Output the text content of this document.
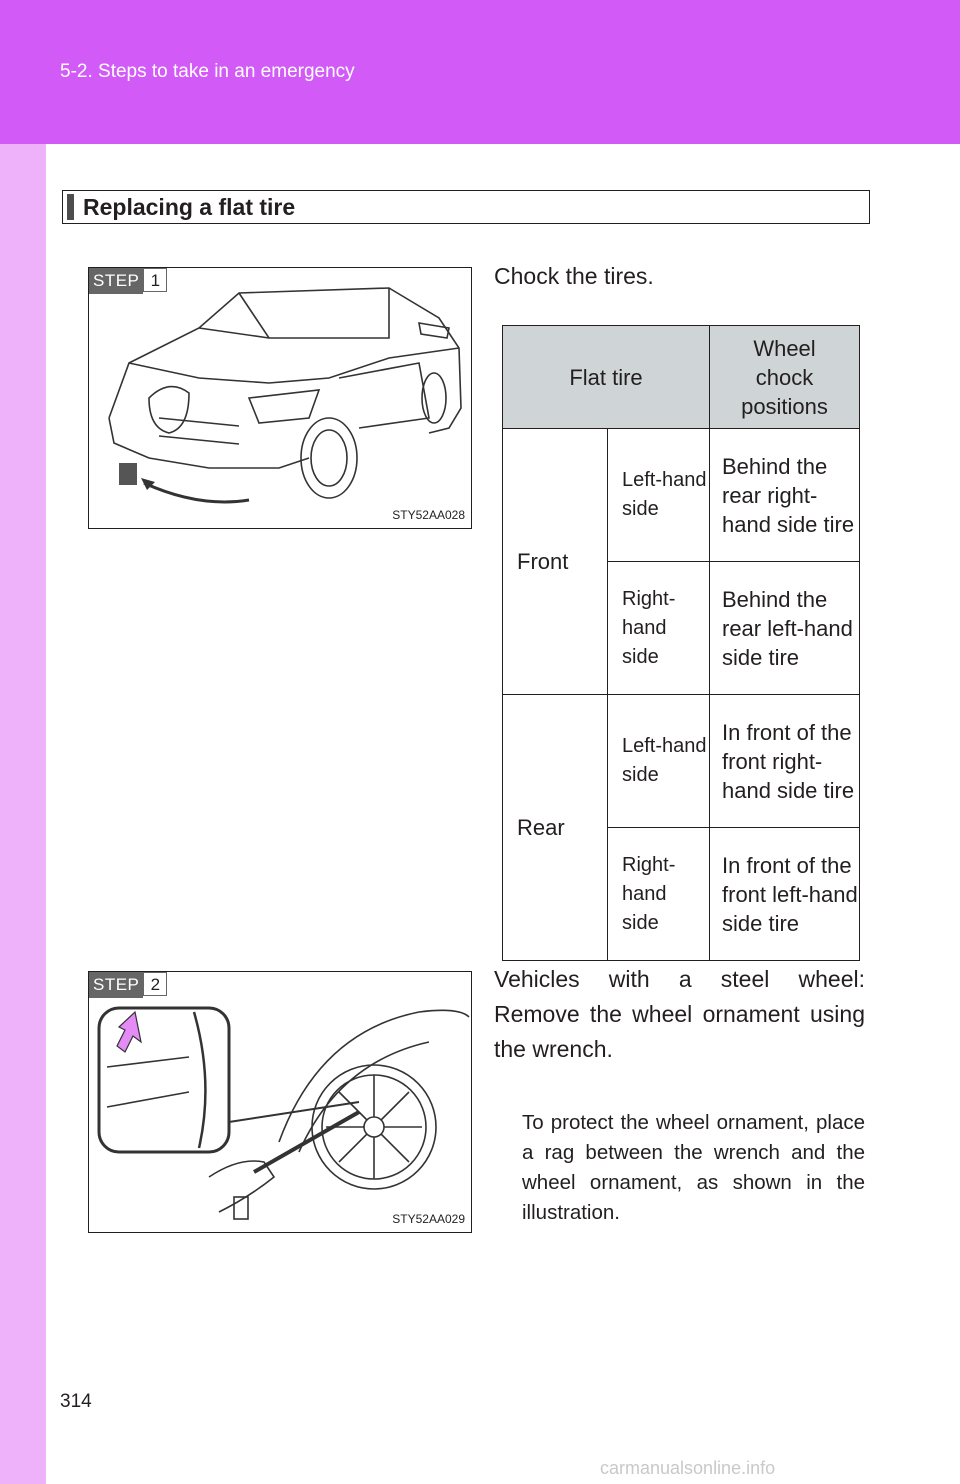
5-2. Steps to take in an emergency
Replacing a flat tire
STEP 1
STY52AA028
Chock the tires.
Flat tire		Wheel chock positions
Front	Left-hand side	Behind the rear right-hand side tire
	Right-hand side	Behind the rear left-hand side tire
Rear	Left-hand side	In front of the front right-hand side tire
	Right-hand side	In front of the front left-hand side tire
STEP 2
STY52AA029
Vehicles with a steel wheel: Remove the wheel ornament using the wrench.
To protect the wheel ornament, place a rag between the wrench and the wheel ornament, as shown in the illustration.
314
carmanualsonline.info
